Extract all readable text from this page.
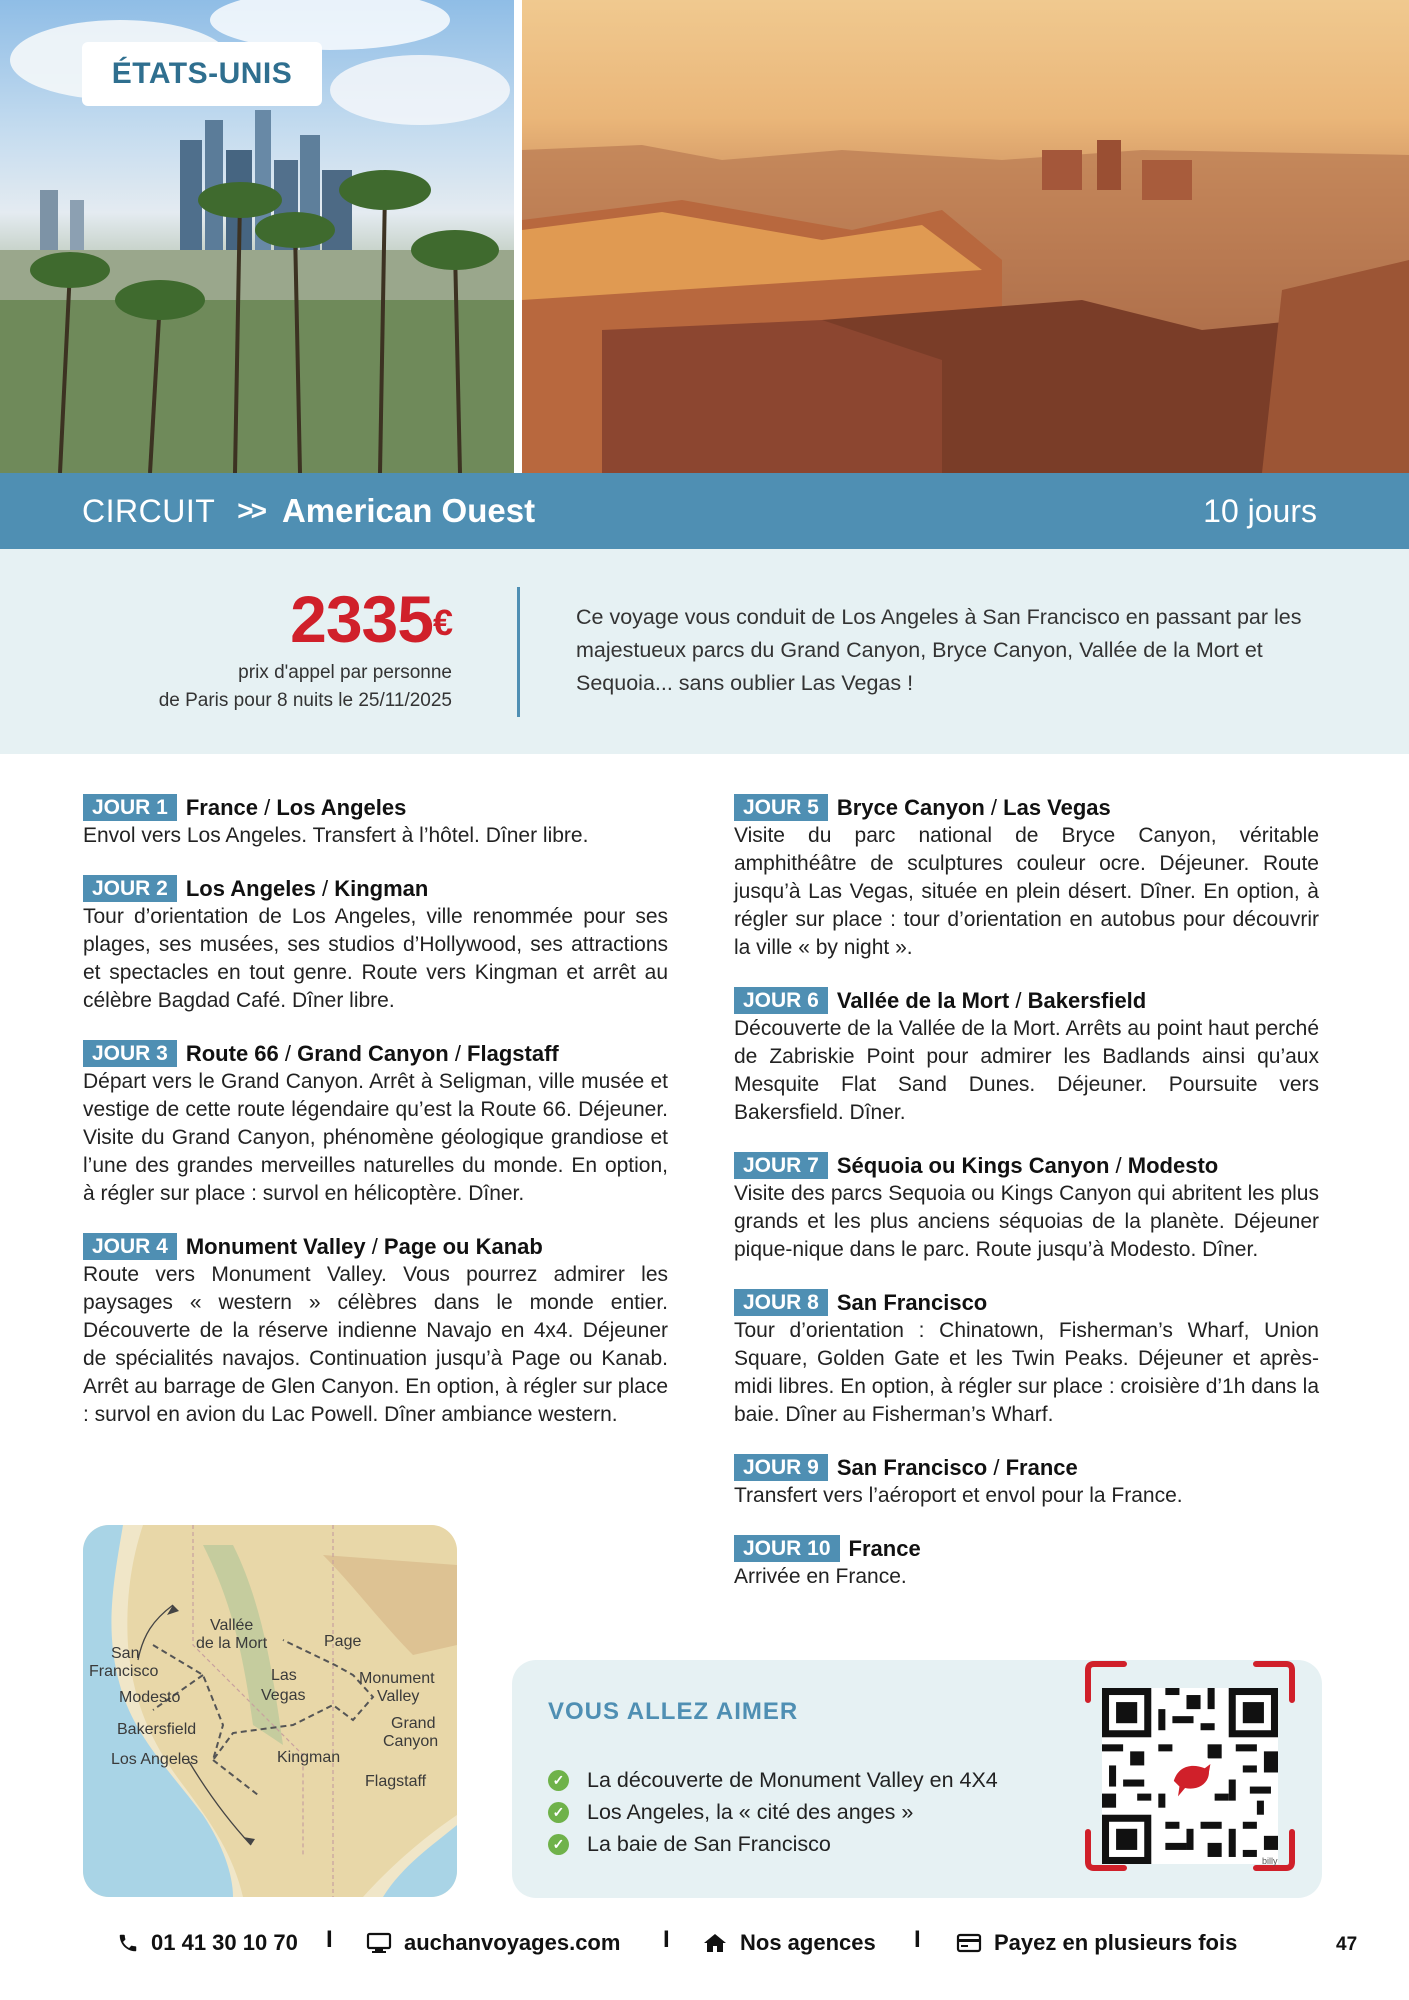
ÉTATS-UNIS
CIRCUIT >> American Ouest	10 jours
2335€
prix d'appel par personne
de Paris pour 8 nuits le 25/11/2025
Ce voyage vous conduit de Los Angeles à San Francisco en passant par les majestueux parcs du Grand Canyon, Bryce Canyon, Vallée de la Mort et Sequoia... sans oublier Las Vegas !
JOUR 1 France / Los Angeles
Envol vers Los Angeles. Transfert à l’hôtel. Dîner libre.
JOUR 2 Los Angeles / Kingman
Tour d’orientation de Los Angeles, ville renommée pour ses plages, ses musées, ses studios d’Hollywood, ses attractions et spectacles en tout genre. Route vers Kingman et arrêt au célèbre Bagdad Café. Dîner libre.
JOUR 3 Route 66 / Grand Canyon / Flagstaff
Départ vers le Grand Canyon. Arrêt à Seligman, ville musée et vestige de cette route légendaire qu’est la Route 66. Déjeuner. Visite du Grand Canyon, phénomène géologique grandiose et l’une des grandes merveilles naturelles du monde. En option, à régler sur place : survol en hélicoptère. Dîner.
JOUR 4 Monument Valley / Page ou Kanab
Route vers Monument Valley. Vous pourrez admirer les paysages « western » célèbres dans le monde entier. Découverte de la réserve indienne Navajo en 4x4. Déjeuner de spécialités navajos. Continuation jusqu’à Page ou Kanab. Arrêt au barrage de Glen Canyon. En option, à régler sur place : survol en avion du Lac Powell. Dîner ambiance western.
JOUR 5 Bryce Canyon / Las Vegas
Visite du parc national de Bryce Canyon, véritable amphithéâtre de sculptures couleur ocre. Déjeuner. Route jusqu’à Las Vegas, située en plein désert. Dîner. En option, à régler sur place : tour d’orientation en autobus pour découvrir la ville « by night ».
JOUR 6 Vallée de la Mort / Bakersfield
Découverte de la Vallée de la Mort. Arrêts au point haut perché de Zabriskie Point pour admirer les Badlands ainsi qu’aux Mesquite Flat Sand Dunes. Déjeuner. Poursuite vers Bakersfield. Dîner.
JOUR 7 Séquoia ou Kings Canyon / Modesto
Visite des parcs Sequoia ou Kings Canyon qui abritent les plus grands et les plus anciens séquoias de la planète. Déjeuner pique-nique dans le parc. Route jusqu’à Modesto. Dîner.
JOUR 8 San Francisco
Tour d’orientation : Chinatown, Fisherman’s Wharf, Union Square, Golden Gate et les Twin Peaks. Déjeuner et après-midi libres. En option, à régler sur place : croisière d’1h dans la baie. Dîner au Fisherman’s Wharf.
JOUR 9 San Francisco / France
Transfert vers l’aéroport et envol pour la France.
JOUR 10 France
Arrivée en France.
Vallée
de la Mort	Page
San
Francisco	Las
Vegas
Monument
Valley
Modesto
Grand
Canyon
Bakersfield
Los Angeles	Kingman
Flagstaff
VOUS ALLEZ AIMER
✓ La découverte de Monument Valley en 4X4
✓ Los Angeles, la « cité des anges »
✓ La baie de San Francisco
billy
01 41 30 10 70 I	auchanvoyages.com I	Nos agences I	Payez en plusieurs fois	47
